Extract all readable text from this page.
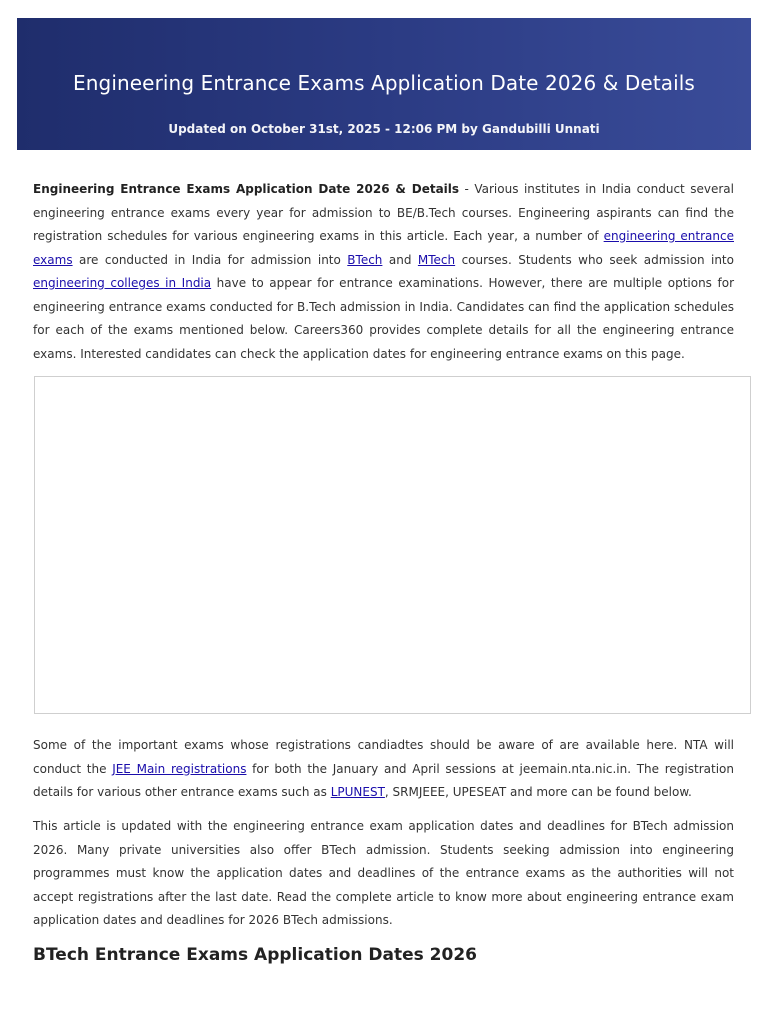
Engineering Entrance Exams Application Date 2026 & Details
Updated on October 31st, 2025 - 12:06 PM by Gandubilli Unnati
Engineering Entrance Exams Application Date 2026 & Details - Various institutes in India conduct several engineering entrance exams every year for admission to BE/B.Tech courses. Engineering aspirants can find the registration schedules for various engineering exams in this article. Each year, a number of engineering entrance exams are conducted in India for admission into BTech and MTech courses. Students who seek admission into engineering colleges in India have to appear for entrance examinations. However, there are multiple options for engineering entrance exams conducted for B.Tech admission in India. Candidates can find the application schedules for each of the exams mentioned below. Careers360 provides complete details for all the engineering entrance exams. Interested candidates can check the application dates for engineering entrance exams on this page.
Some of the important exams whose registrations candiadtes should be aware of are available here. NTA will conduct the JEE Main registrations for both the January and April sessions at jeemain.nta.nic.in. The registration details for various other entrance exams such as LPUNEST, SRMJEEE, UPESEAT and more can be found below.
This article is updated with the engineering entrance exam application dates and deadlines for BTech admission 2026. Many private universities also offer BTech admission. Students seeking admission into engineering programmes must know the application dates and deadlines of the entrance exams as the authorities will not accept registrations after the last date. Read the complete article to know more about engineering entrance exam application dates and deadlines for 2026 BTech admissions.
BTech Entrance Exams Application Dates 2026
